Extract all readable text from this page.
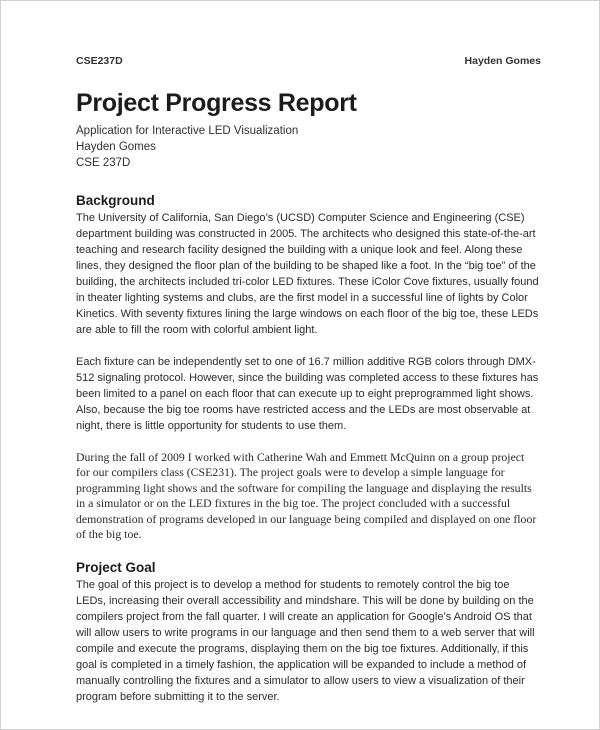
CSE237D	Hayden Gomes
Project Progress Report
Application for Interactive LED Visualization
Hayden Gomes
CSE 237D
Background

The University of California, San Diego’s (UCSD) Computer Science and Engineering (CSE) department building was constructed in 2005. The architects who designed this state-of-the-art teaching and research facility designed the building with a unique look and feel. Along these lines, they designed the floor plan of the building to be shaped like a foot. In the “big toe” of the building, the architects included tri-color LED fixtures. These iColor Cove fixtures, usually found in theater lighting systems and clubs, are the first model in a successful line of lights by Color Kinetics. With seventy fixtures lining the large windows on each floor of the big toe, these LEDs are able to fill the room with colorful ambient light.

Each fixture can be independently set to one of 16.7 million additive RGB colors through DMX-512 signaling protocol. However, since the building was completed access to these fixtures has been limited to a panel on each floor that can execute up to eight preprogrammed light shows. Also, because the big toe rooms have restricted access and the LEDs are most observable at night, there is little opportunity for students to use them.

During the fall of 2009 I worked with Catherine Wah and Emmett McQuinn on a group project for our compilers class (CSE231). The project goals were to develop a simple language for programming light shows and the software for compiling the language and displaying the results in a simulator or on the LED fixtures in the big toe. The project concluded with a successful demonstration of programs developed in our language being compiled and displayed on one floor of the big toe.

Project Goal

The goal of this project is to develop a method for students to remotely control the big toe LEDs, increasing their overall accessibility and mindshare. This will be done by building on the compilers project from the fall quarter. I will create an application for Google’s Android OS that will allow users to write programs in our language and then send them to a web server that will compile and execute the programs, displaying them on the big toe fixtures. Additionally, if this goal is completed in a timely fashion, the application will be expanded to include a method of manually controlling the fixtures and a simulator to allow users to view a visualization of their program before submitting it to the server.
